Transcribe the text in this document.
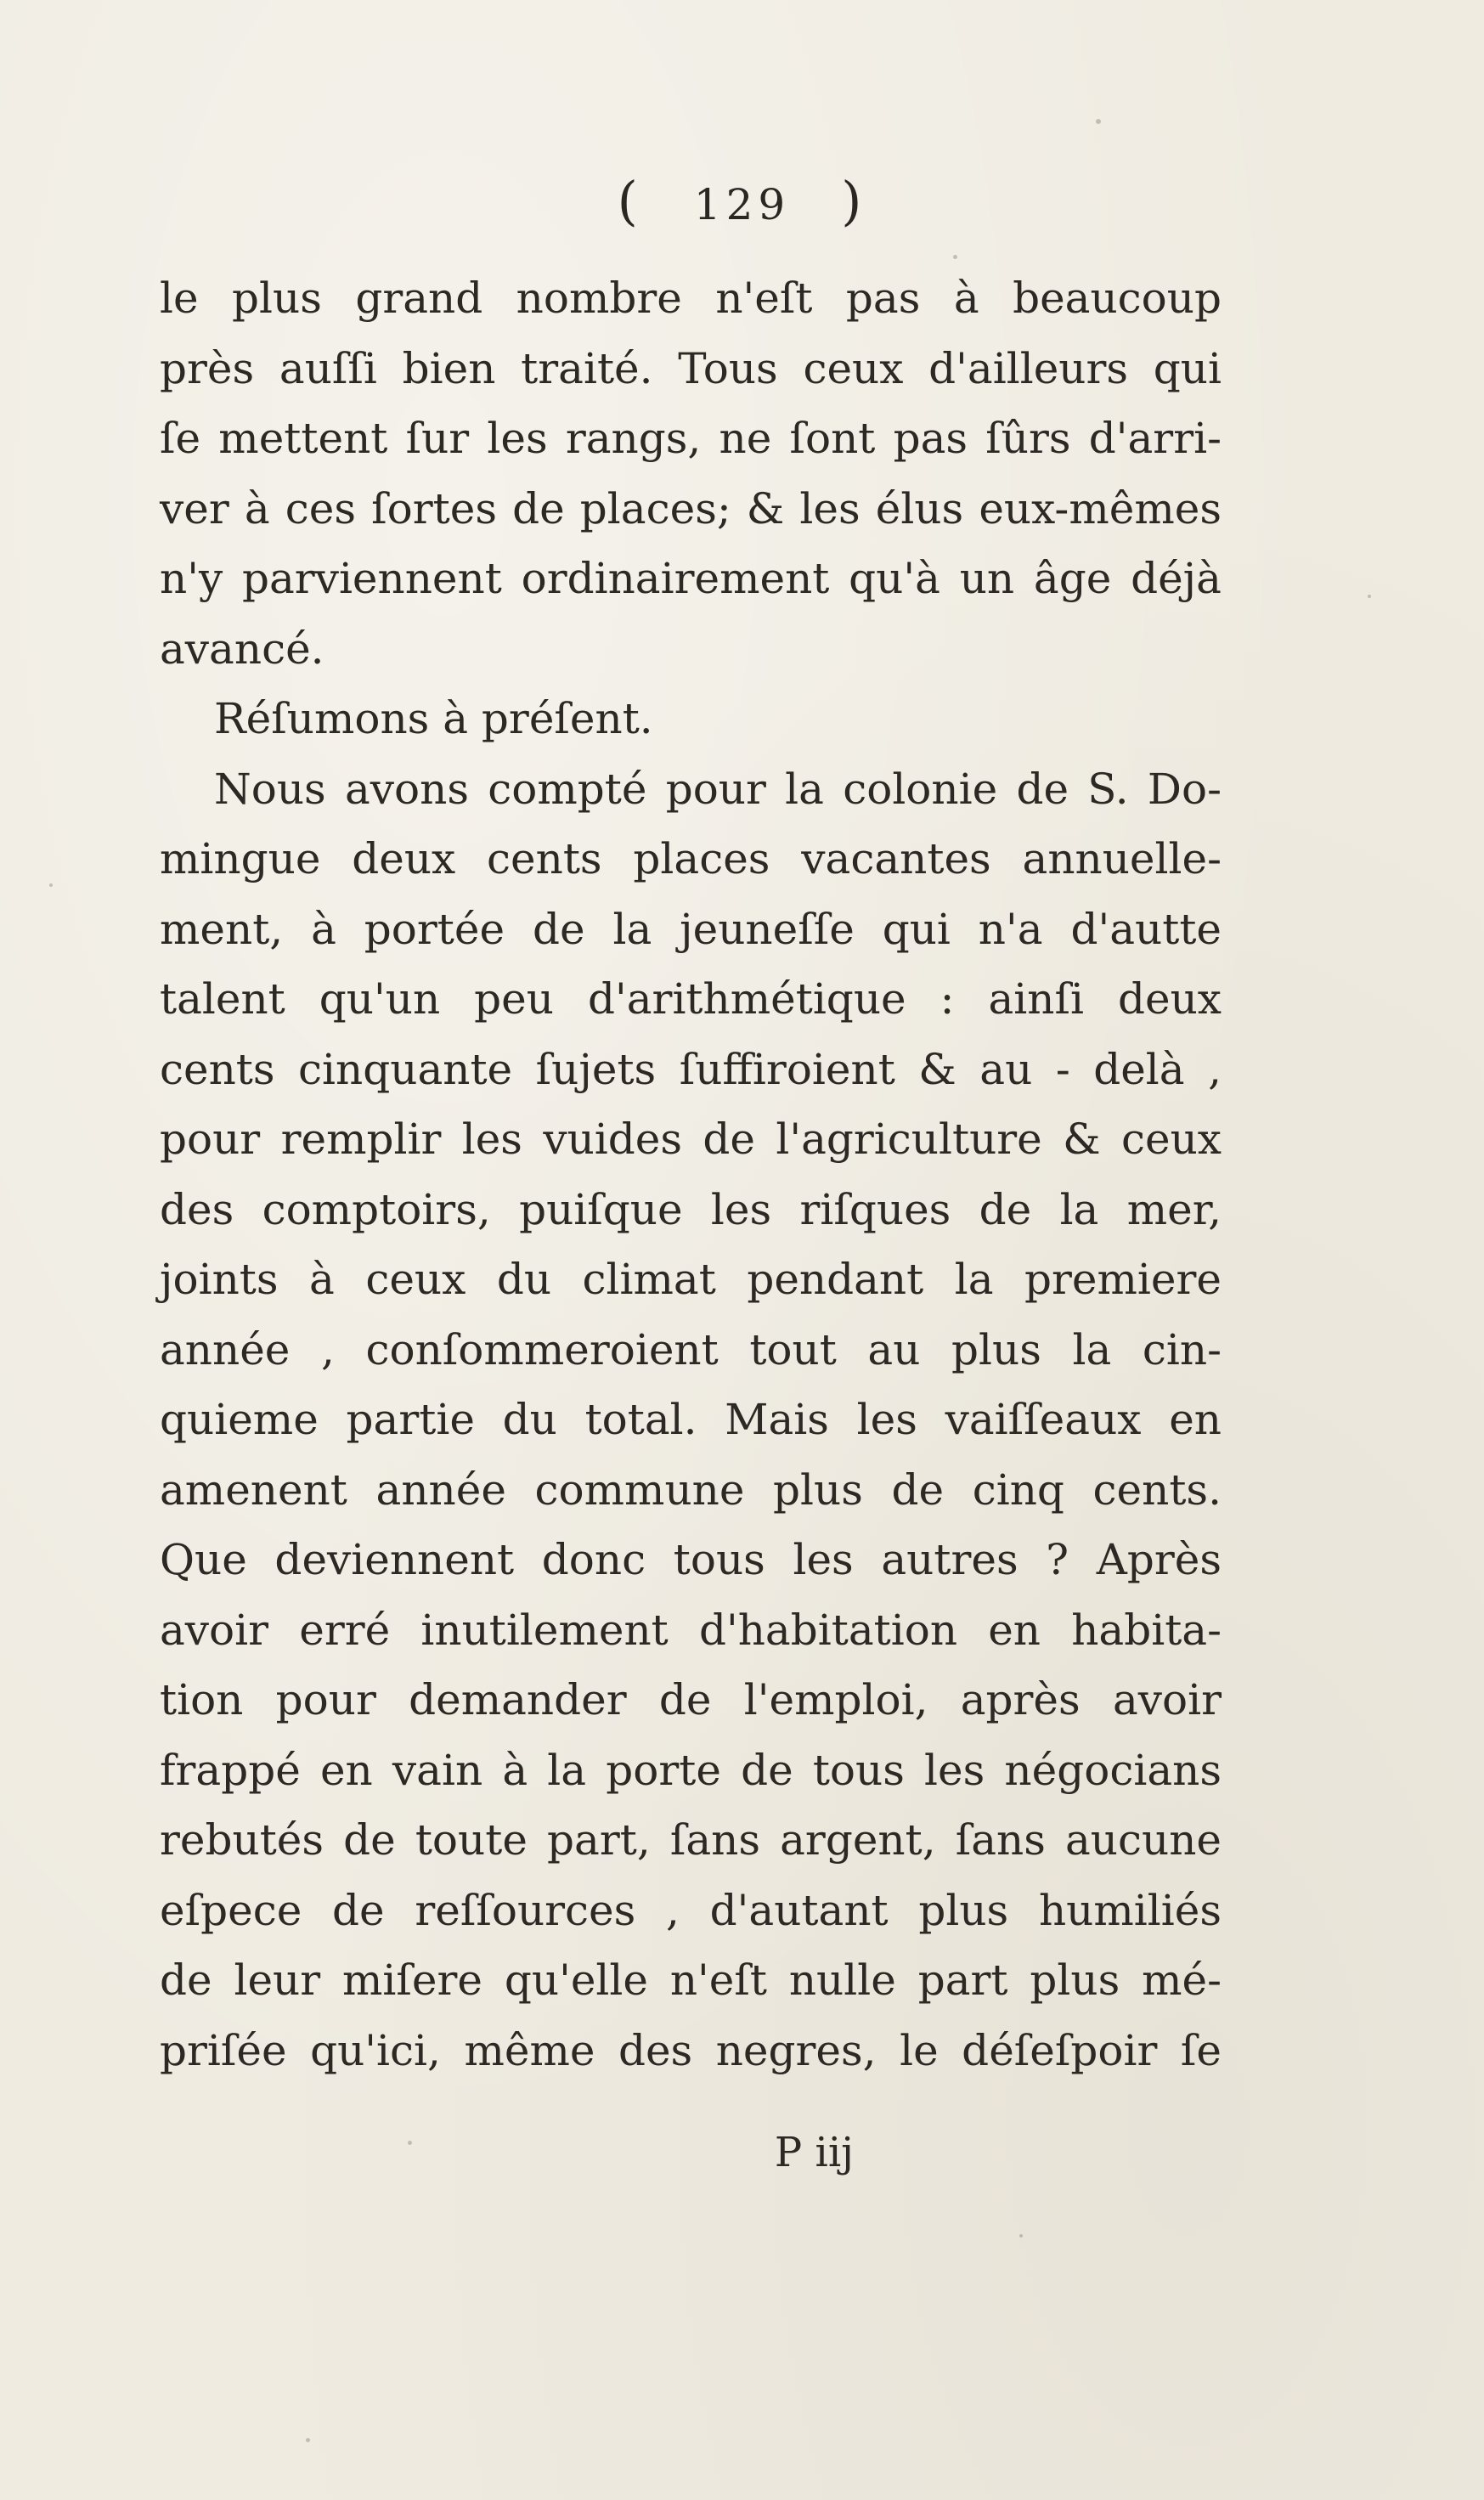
( 129 )
le plus grand nombre n'eſt pas à beaucoup
près auſſi bien traité. Tous ceux d'ailleurs qui
ſe mettent ſur les rangs, ne ſont pas ſûrs d'arri-
ver à ces ſortes de places; & les élus eux-mêmes
n'y parviennent ordinairement qu'à un âge déjà
avancé.
Réſumons à préſent.
Nous avons compté pour la colonie de S. Do-
mingue deux cents places vacantes annuelle-
ment, à portée de la jeuneſſe qui n'a d'autte
talent qu'un peu d'arithmétique : ainſi deux
cents cinquante ſujets ſuffiroient & au - delà ,
pour remplir les vuides de l'agriculture & ceux
des comptoirs, puiſque les riſques de la mer,
joints à ceux du climat pendant la premiere
année , conſommeroient tout au plus la cin-
quieme partie du total. Mais les vaiſſeaux en
amenent année commune plus de cinq cents.
Que deviennent donc tous les autres ? Après
avoir erré inutilement d'habitation en habita-
tion pour demander de l'emploi, après avoir
frappé en vain à la porte de tous les négocians
rebutés de toute part, ſans argent, ſans aucune
eſpece de reſſources , d'autant plus humiliés
de leur miſere qu'elle n'eſt nulle part plus mé-
priſée qu'ici, même des negres, le déſeſpoir ſe
P iij
